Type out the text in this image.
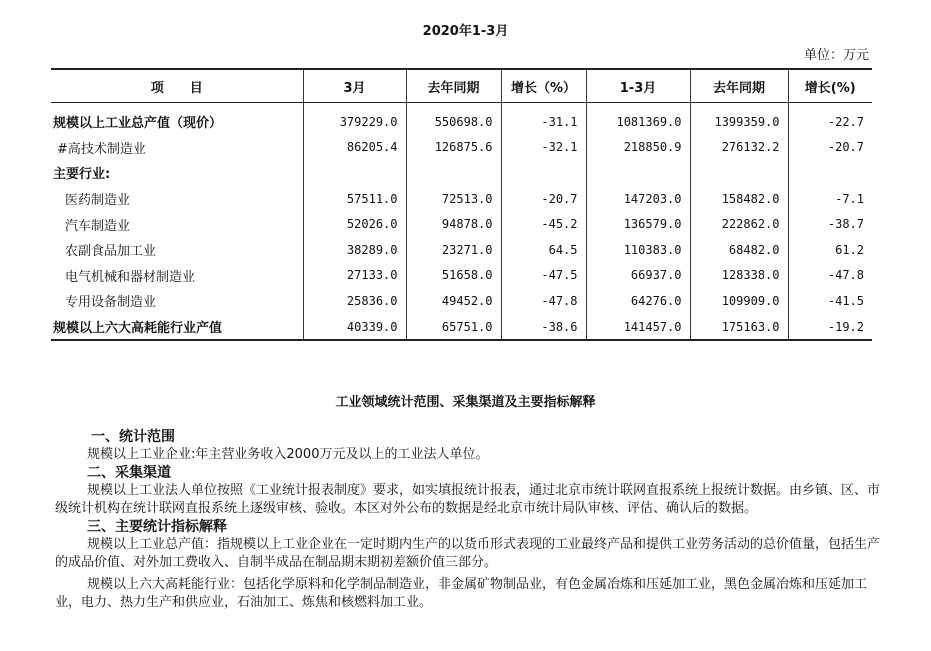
2020年1-3月
单位：万元
项　　目	3月	去年同期	增长（%）	1-3月	去年同期	增长(%)
规模以上工业总产值（现价）	379229.0	550698.0	-31.1	1081369.0	1399359.0	-22.7
#高技术制造业	86205.4	126875.6	-32.1	218850.9	276132.2	-20.7
主要行业:						
医药制造业	57511.0	72513.0	-20.7	147203.0	158482.0	-7.1
汽车制造业	52026.0	94878.0	-45.2	136579.0	222862.0	-38.7
农副食品加工业	38289.0	23271.0	64.5	110383.0	68482.0	61.2
电气机械和器材制造业	27133.0	51658.0	-47.5	66937.0	128338.0	-47.8
专用设备制造业	25836.0	49452.0	-47.8	64276.0	109909.0	-41.5
规模以上六大高耗能行业产值	40339.0	65751.0	-38.6	141457.0	175163.0	-19.2
工业领域统计范围、采集渠道及主要指标解释

一、统计范围

规模以上工业企业:年主营业务收入2000万元及以上的工业法人单位。

二、采集渠道

规模以上工业法人单位按照《工业统计报表制度》要求，如实填报统计报表，通过北京市统计联网直报系统上报统计数据。由乡镇、区、市级统计机构在统计联网直报系统上逐级审核、验收。本区对外公布的数据是经北京市统计局队审核、评估、确认后的数据。

三、主要统计指标解释

规模以上工业总产值：指规模以上工业企业在一定时期内生产的以货币形式表现的工业最终产品和提供工业劳务活动的总价值量，包括生产的成品价值、对外加工费收入、自制半成品在制品期末期初差额价值三部分。

规模以上六大高耗能行业：包括化学原料和化学制品制造业，非金属矿物制品业，有色金属冶炼和压延加工业，黑色金属冶炼和压延加工业，电力、热力生产和供应业，石油加工、炼焦和核燃料加工业。
